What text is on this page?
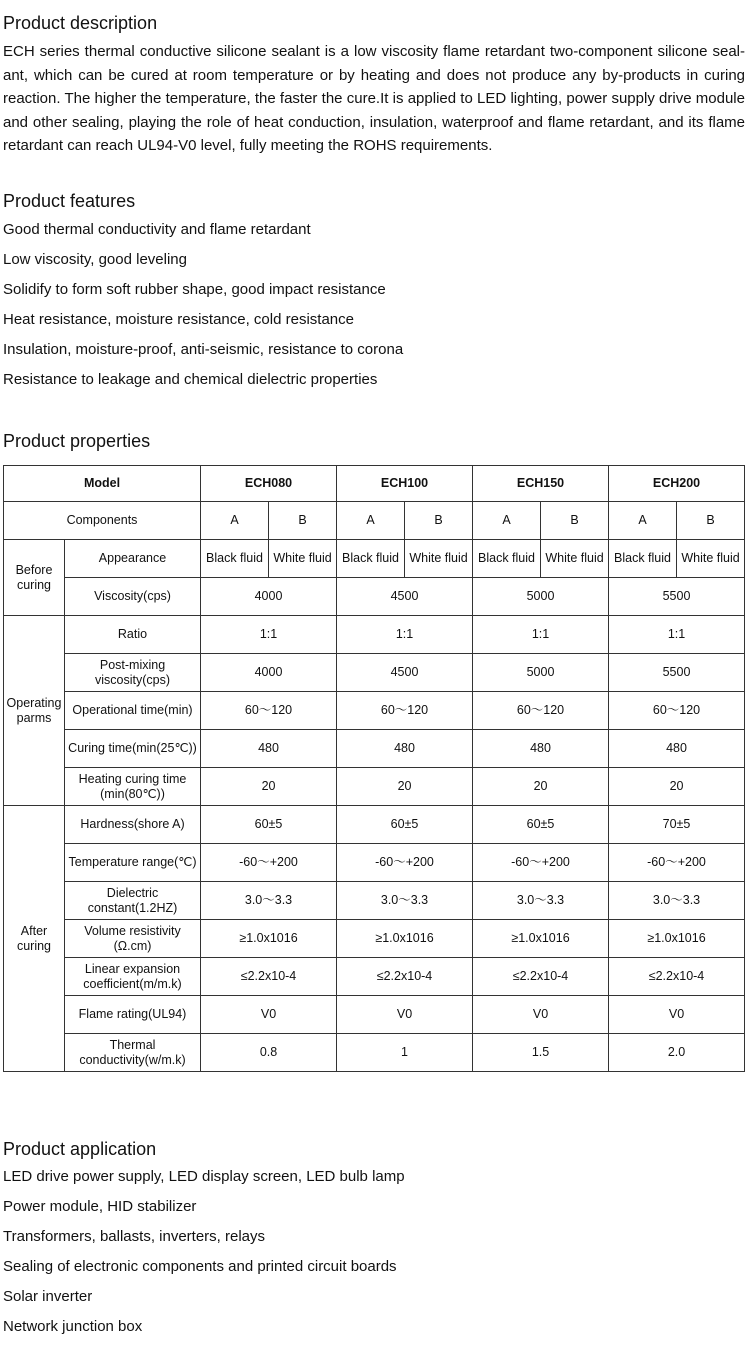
Product description

ECH series thermal conductive silicone sealant is a low viscosity flame retardant two-component silicone sealant, which can be cured at room temperature or by heating and does not produce any by-products in curing reaction. The higher the temperature, the faster the cure.It is applied to LED lighting, power supply drive module and other sealing, playing the role of heat conduction, insulation, waterproof and flame retardant, and its flame retardant can reach UL94-V0 level, fully meeting the ROHS requirements.

Product features
Good thermal conductivity and flame retardant
Low viscosity, good leveling
Solidify to form soft rubber shape, good impact resistance
Heat resistance, moisture resistance, cold resistance
Insulation, moisture-proof, anti-seismic, resistance to corona
Resistance to leakage and chemical dielectric properties
Product properties
Model		ECH080		ECH100		ECH150		ECH200	
Components		A	B	A	B	A	B	A	B
Before curing	Appearance	Black fluid	White fluid	Black fluid	White fluid	Black fluid	White fluid	Black fluid	White fluid
	Viscosity(cps)	4000		4500		5000		5500	
Operating parms	Ratio	1:1		1:1		1:1		1:1	
	Post-mixing viscosity(cps)	4000		4500		5000		5500	
	Operational time(min)	60～120		60～120		60～120		60～120	
	Curing time(min(25℃))	480		480		480		480	
	Heating curing time (min(80℃))	20		20		20		20	
After curing	Hardness(shore A)	60±5		60±5		60±5		70±5	
	Temperature range(℃)	-60～+200		-60～+200		-60～+200		-60～+200	
	Dielectric constant(1.2HZ)	3.0～3.3		3.0～3.3		3.0～3.3		3.0～3.3	
	Volume resistivity (Ω.cm)	≥1.0x1016		≥1.0x1016		≥1.0x1016		≥1.0x1016	
	Linear expansion coefficient(m/m.k)	≤2.2x10-4		≤2.2x10-4		≤2.2x10-4		≤2.2x10-4	
	Flame rating(UL94)	V0		V0		V0		V0	
	Thermal conductivity(w/m.k)	0.8		1		1.5		2.0	
Product application
LED drive power supply, LED display screen, LED bulb lamp
Power module, HID stabilizer
Transformers, ballasts, inverters, relays
Sealing of electronic components and printed circuit boards
Solar inverter
Network junction box
